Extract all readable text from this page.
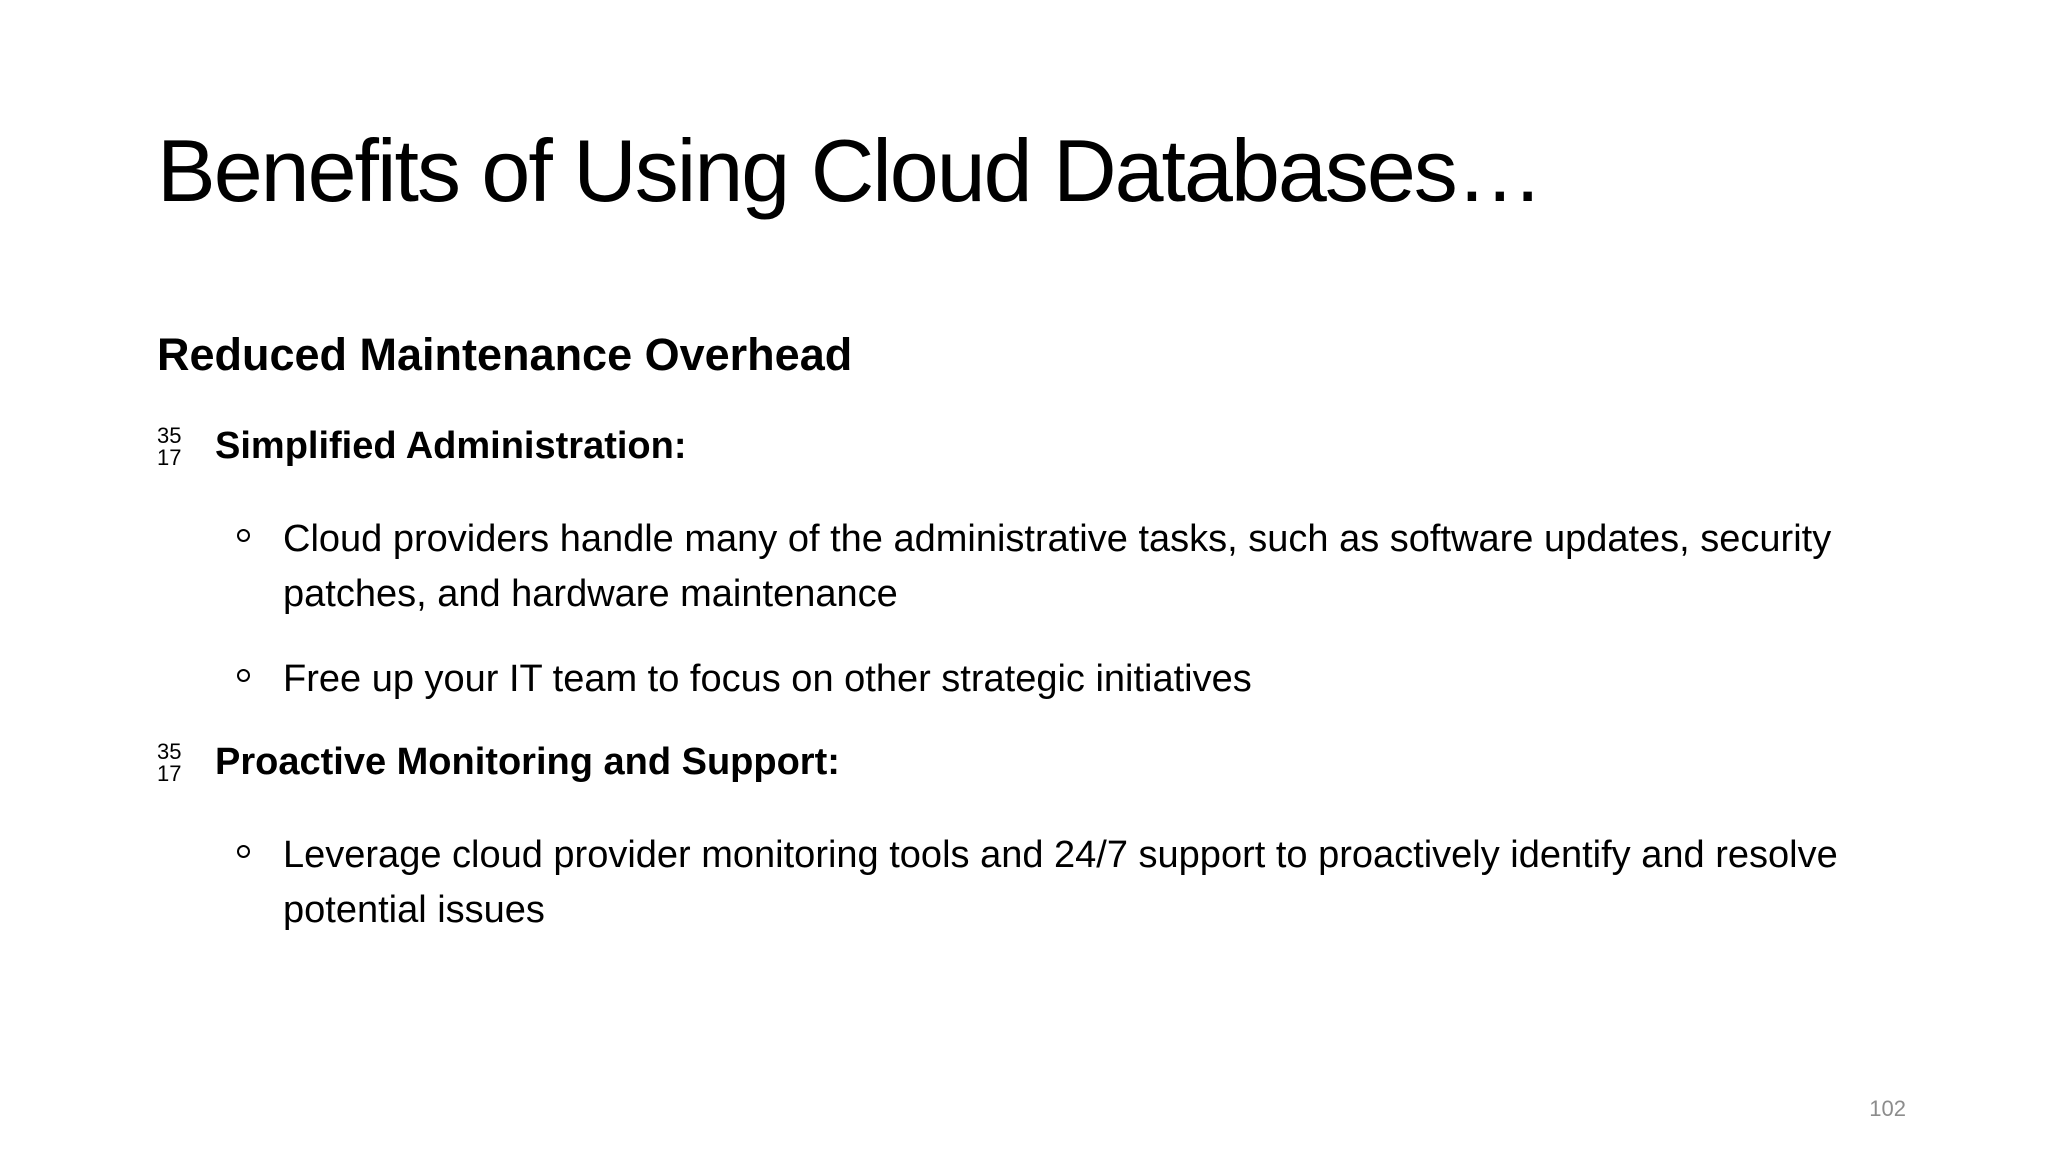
Benefits of Using Cloud Databases…
Reduced Maintenance Overhead
35
17 Simplified Administration:
Cloud providers handle many of the administrative tasks, such as software updates, security patches, and hardware maintenance
Free up your IT team to focus on other strategic initiatives
35
17 Proactive Monitoring and Support:
Leverage cloud provider monitoring tools and 24/7 support to proactively identify and resolve potential issues
102
